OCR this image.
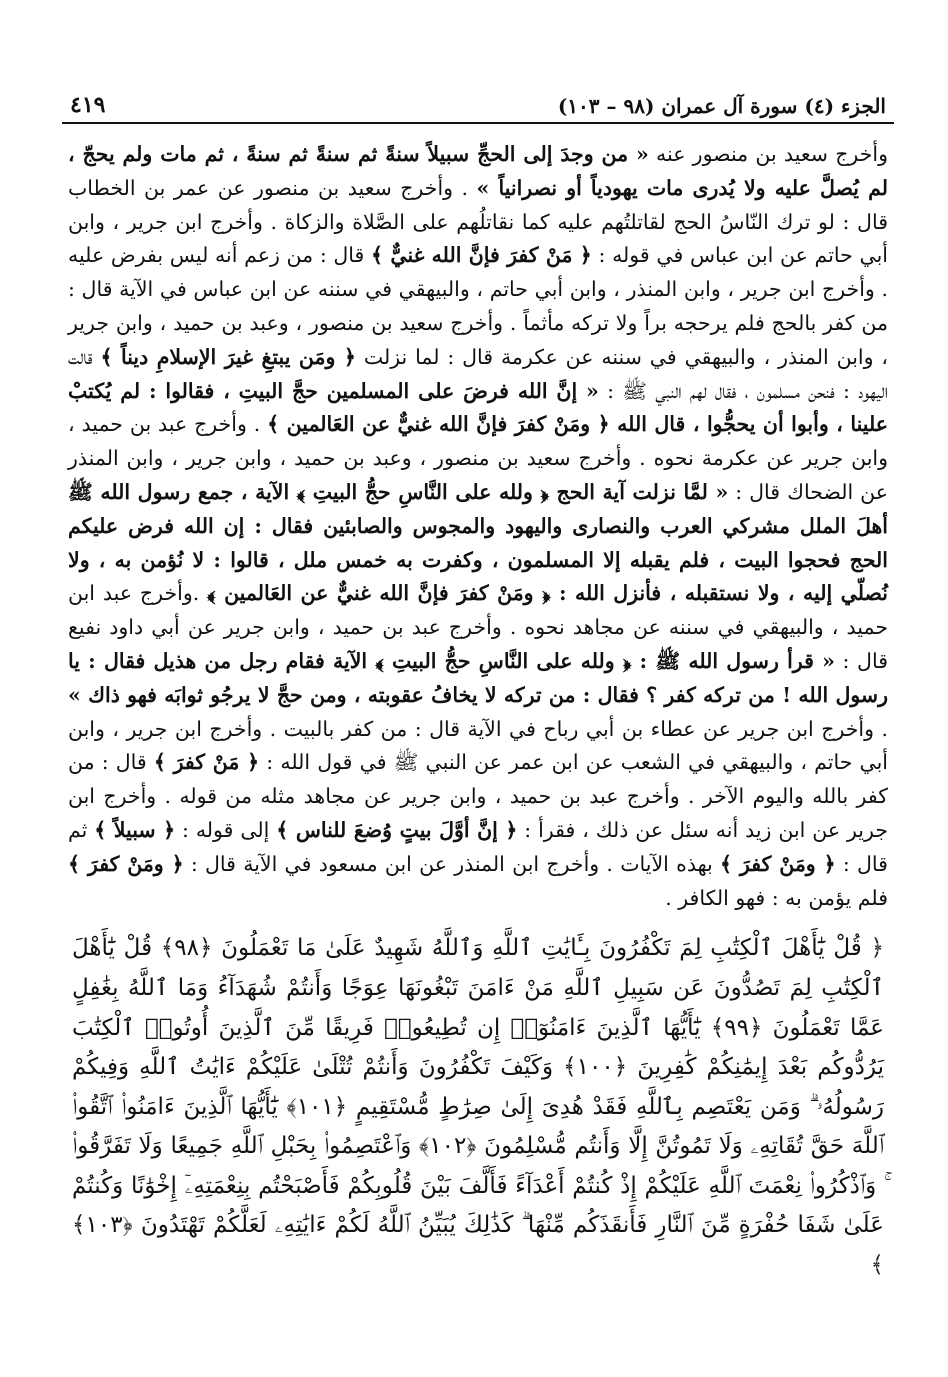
الجزء (٤) سورة آل عمران (٩٨ – ١٠٣)
٤١٩

وأخرج سعيد بن منصور عنه « من وجدَ إلى الحجِّ سبيلاً سنةً ثم سنةً ثم سنةً ، ثم مات ولم يحجّ ، لم يُصلَّ عليه ولا يُدرى مات يهودياً أو نصرانياً » . وأخرج سعيد بن منصور عن عمر بن الخطاب قال : لو ترك النّاسُ الحج لقاتلتُهم عليه كما نقاتلُهم على الصَّلاة والزكاة . وأخرج ابن جرير ، وابن أبي حاتم عن ابن عباس في قوله : ﴿ مَنْ كفرَ فإنَّ الله غنيٌّ ﴾ قال : من زعم أنه ليس بفرض عليه . وأخرج ابن جرير ، وابن المنذر ، وابن أبي حاتم ، والبيهقي في سننه عن ابن عباس في الآية قال : من كفر بالحج فلم يرحجه براً ولا تركه مأثماً . وأخرج سعيد بن منصور ، وعبد بن حميد ، وابن جرير ، وابن المنذر ، والبيهقي في سننه عن عكرمة قال : لما نزلت ﴿ ومَن يبتغِ غيرَ الإسلامِ ديناً ﴾ قالت اليهود : فنحن مسلمون ، فقال لهم النبي ﷺ : « إنَّ الله فرضَ على المسلمين حجَّ البيتِ ، فقالوا : لم يُكتبْ علينا ، وأبوا أن يحجُّوا ، قال الله ﴿ ومَنْ كفرَ فإنَّ الله غنيٌّ عن العَالمين ﴾ . وأخرج عبد بن حميد ، وابن جرير عن عكرمة نحوه . وأخرج سعيد بن منصور ، وعبد بن حميد ، وابن جرير ، وابن المنذر عن الضحاك قال : « لمَّا نزلت آية الحج ﴿ ولله على النَّاسِ حجُّ البيتِ ﴾ الآية ، جمع رسول الله ﷺ أهلَ الملل مشركي العرب والنصارى واليهود والمجوس والصابئين فقال : إن الله فرض عليكم الحج فحجوا البيت ، فلم يقبله إلا المسلمون ، وكفرت به خمس ملل ، قالوا : لا نُؤمن به ، ولا نُصلّي إليه ، ولا نستقبله ، فأنزل الله : ﴿ ومَنْ كفرَ فإنَّ الله غنيٌّ عن العَالمين ﴾ .وأخرج عبد ابن حميد ، والبيهقي في سننه عن مجاهد نحوه . وأخرج عبد بن حميد ، وابن جرير عن أبي داود نفيع قال : « قرأ رسول الله ﷺ : ﴿ ولله على النَّاسِ حجُّ البيتِ ﴾ الآية فقام رجل من هذيل فقال : يا رسول الله ! من تركه كفر ؟ فقال : من تركه لا يخافُ عقوبته ، ومن حجَّ لا يرجُو ثوابَه فهو ذاك » . وأخرج ابن جرير عن عطاء بن أبي رباح في الآية قال : من كفر بالبيت . وأخرج ابن جرير ، وابن أبي حاتم ، والبيهقي في الشعب عن ابن عمر عن النبي ﷺ في قول الله : ﴿ مَنْ كفرَ ﴾ قال : من كفر بالله واليوم الآخر . وأخرج عبد بن حميد ، وابن جرير عن مجاهد مثله من قوله . وأخرج ابن جرير عن ابن زيد أنه سئل عن ذلك ، فقرأ : ﴿ إنَّ أوَّلَ بيتٍ وُضعَ للناس ﴾ إلى قوله : ﴿ سبيلاً ﴾ ثم قال : ﴿ ومَنْ كفرَ ﴾ بهذه الآيات . وأخرج ابن المنذر عن ابن مسعود في الآية قال : ﴿ ومَنْ كفرَ ﴾ فلم يؤمن به : فهو الكافر .

﴿ قُلْ يَٰٓأَهْلَ ٱلْكِتَٰبِ لِمَ تَكْفُرُونَ بِـَٔايَٰتِ ٱللَّهِ وَٱللَّهُ شَهِيدٌ عَلَىٰ مَا تَعْمَلُونَ ﴿٩٨﴾ قُلْ يَٰٓأَهْلَ ٱلْكِتَٰبِ لِمَ تَصُدُّونَ عَن سَبِيلِ ٱللَّهِ مَنْ ءَامَنَ تَبْغُونَهَا عِوَجًا وَأَنتُمْ شُهَدَآءُ وَمَا ٱللَّهُ بِغَٰفِلٍ عَمَّا تَعْمَلُونَ ﴿٩٩﴾ يَٰٓأَيُّهَا ٱلَّذِينَ ءَامَنُوٓا۟ إِن تُطِيعُوا۟ فَرِيقًا مِّنَ ٱلَّذِينَ أُوتُوا۟ ٱلْكِتَٰبَ يَرُدُّوكُم بَعْدَ إِيمَٰنِكُمْ كَٰفِرِينَ ﴿١٠٠﴾ وَكَيْفَ تَكْفُرُونَ وَأَنتُمْ تُتْلَىٰ عَلَيْكُمْ ءَايَٰتُ ٱللَّهِ وَفِيكُمْ رَسُولُهُۥ ۗ وَمَن يَعْتَصِم بِٱللَّهِ فَقَدْ هُدِىَ إِلَىٰ صِرَٰطٍ مُّسْتَقِيمٍ ﴿١٠١﴾ يَٰٓأَيُّهَا ٱلَّذِينَ ءَامَنُوا۟ ٱتَّقُوا۟ ٱللَّهَ حَقَّ تُقَاتِهِۦ وَلَا تَمُوتُنَّ إِلَّا وَأَنتُم مُّسْلِمُونَ ﴿١٠٢﴾ وَٱعْتَصِمُوا۟ بِحَبْلِ ٱللَّهِ جَمِيعًا وَلَا تَفَرَّقُوا۟ ۚ وَٱذْكُرُوا۟ نِعْمَتَ ٱللَّهِ عَلَيْكُمْ إِذْ كُنتُمْ أَعْدَآءً فَأَلَّفَ بَيْنَ قُلُوبِكُمْ فَأَصْبَحْتُم بِنِعْمَتِهِۦٓ إِخْوَٰنًا وَكُنتُمْ عَلَىٰ شَفَا حُفْرَةٍ مِّنَ ٱلنَّارِ فَأَنقَذَكُم مِّنْهَا ۗ كَذَٰلِكَ يُبَيِّنُ ٱللَّهُ لَكُمْ ءَايَٰتِهِۦ لَعَلَّكُمْ تَهْتَدُونَ ﴿١٠٣﴾ ﴾
